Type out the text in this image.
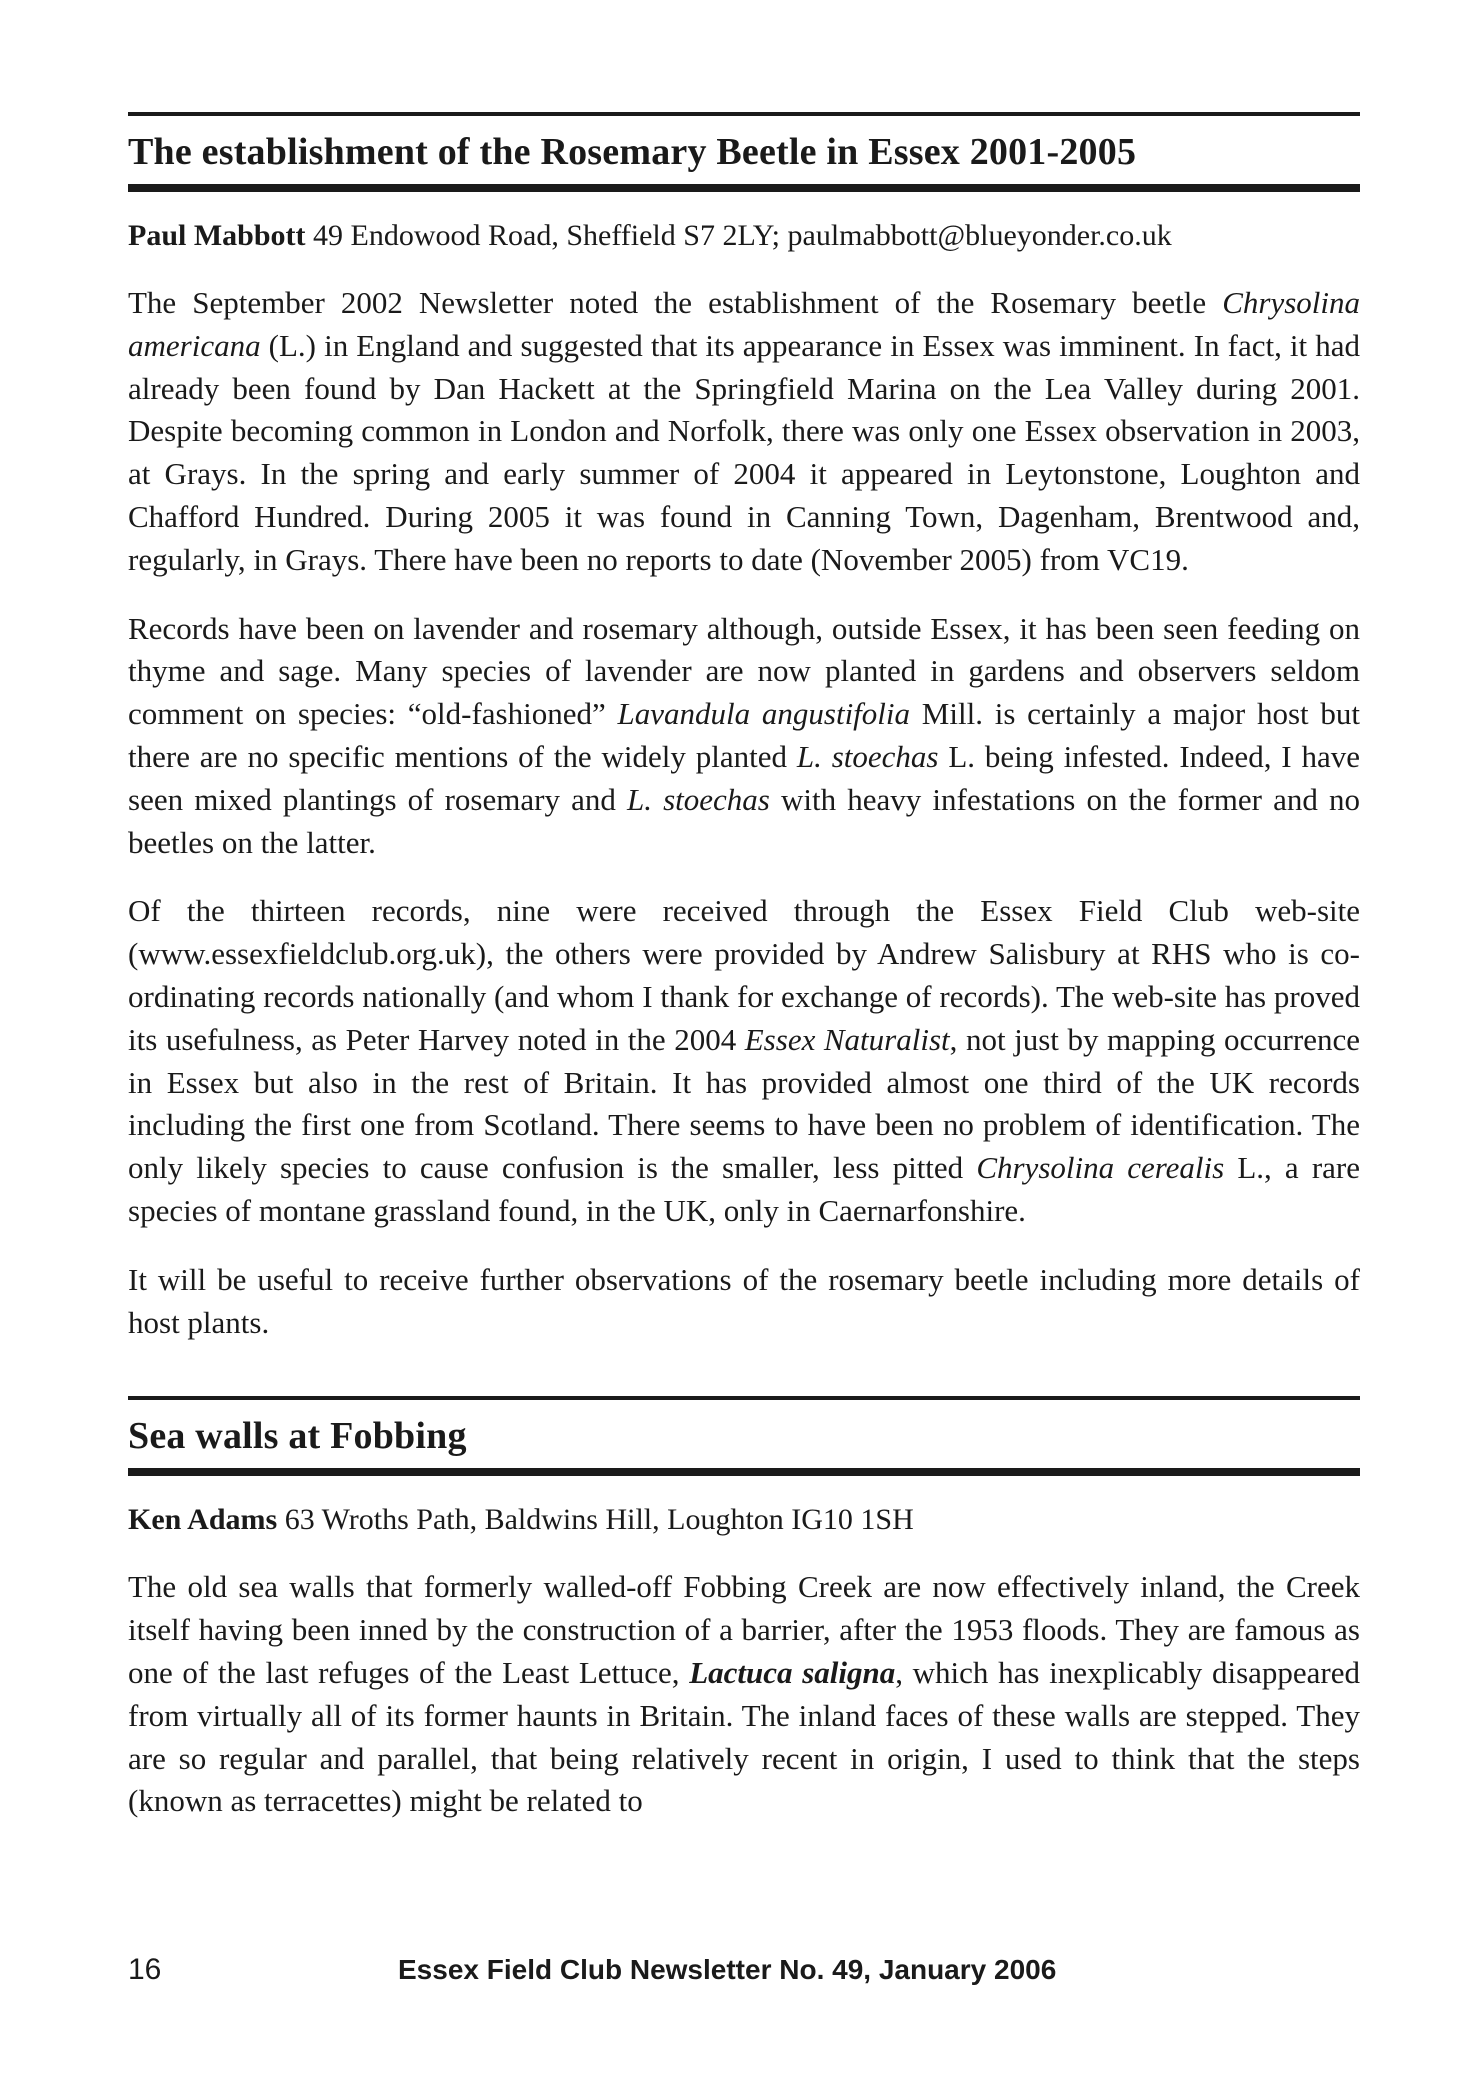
The establishment of the Rosemary Beetle in Essex 2001-2005
Paul Mabbott 49 Endowood Road, Sheffield S7 2LY; paulmabbott@blueyonder.co.uk

The September 2002 Newsletter noted the establishment of the Rosemary beetle Chrysolina americana (L.) in England and suggested that its appearance in Essex was imminent. In fact, it had already been found by Dan Hackett at the Springfield Marina on the Lea Valley during 2001. Despite becoming common in London and Norfolk, there was only one Essex observation in 2003, at Grays. In the spring and early summer of 2004 it appeared in Leytonstone, Loughton and Chafford Hundred. During 2005 it was found in Canning Town, Dagenham, Brentwood and, regularly, in Grays. There have been no reports to date (November 2005) from VC19.

Records have been on lavender and rosemary although, outside Essex, it has been seen feeding on thyme and sage. Many species of lavender are now planted in gardens and observers seldom comment on species: “old-fashioned” Lavandula angustifolia Mill. is certainly a major host but there are no specific mentions of the widely planted L. stoechas L. being infested. Indeed, I have seen mixed plantings of rosemary and L. stoechas with heavy infestations on the former and no beetles on the latter.

Of the thirteen records, nine were received through the Essex Field Club web-site (www.essexfieldclub.org.uk), the others were provided by Andrew Salisbury at RHS who is co-ordinating records nationally (and whom I thank for exchange of records). The web-site has proved its usefulness, as Peter Harvey noted in the 2004 Essex Naturalist, not just by mapping occurrence in Essex but also in the rest of Britain. It has provided almost one third of the UK records including the first one from Scotland. There seems to have been no problem of identification. The only likely species to cause confusion is the smaller, less pitted Chrysolina cerealis L., a rare species of montane grassland found, in the UK, only in Caernarfonshire.

It will be useful to receive further observations of the rosemary beetle including more details of host plants.

Sea walls at Fobbing
Ken Adams 63 Wroths Path, Baldwins Hill, Loughton IG10 1SH

The old sea walls that formerly walled-off Fobbing Creek are now effectively inland, the Creek itself having been inned by the construction of a barrier, after the 1953 floods. They are famous as one of the last refuges of the Least Lettuce, Lactuca saligna, which has inexplicably disappeared from virtually all of its former haunts in Britain. The inland faces of these walls are stepped. They are so regular and parallel, that being relatively recent in origin, I used to think that the steps (known as terracettes) might be related to

16	Essex Field Club Newsletter No. 49, January 2006
